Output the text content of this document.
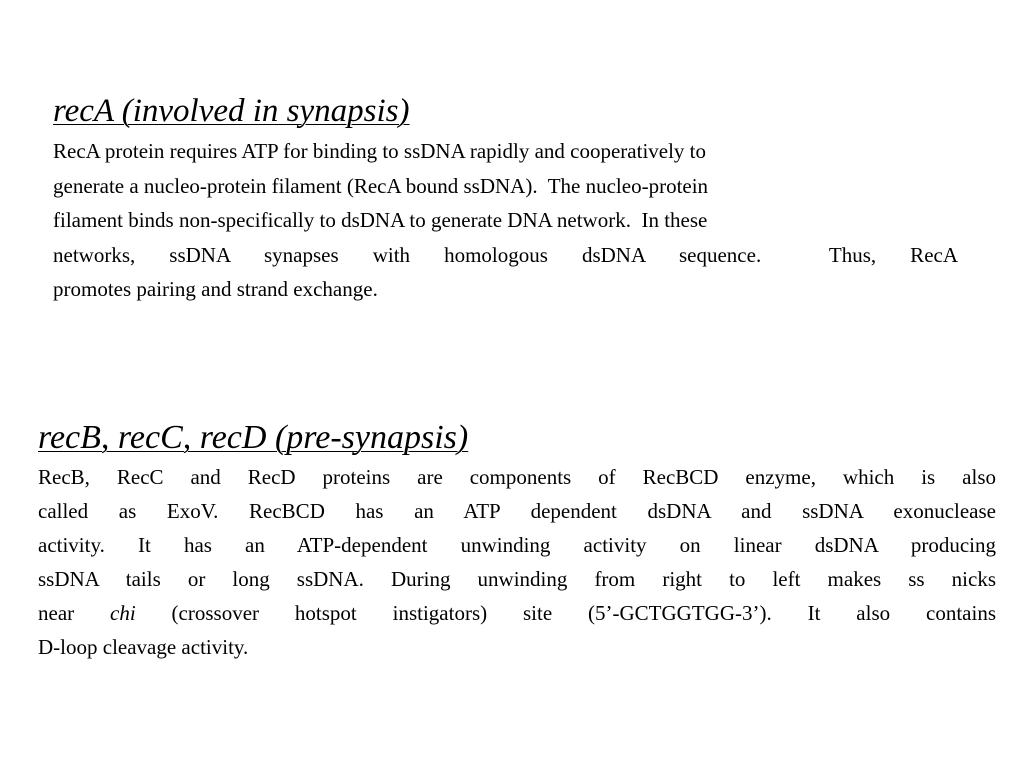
recA (involved in synapsis)

RecA protein requires ATP for binding to ssDNA rapidly and cooperatively to
generate a nucleo-protein filament (RecA bound ssDNA).  The nucleo-protein
filament binds non-specifically to dsDNA to generate DNA network.  In these
networks, ssDNA synapses with homologous dsDNA sequence.  Thus, RecA
promotes pairing and strand exchange.

recB, recC, recD (pre-synapsis)

RecB, RecC and RecD proteins are components of RecBCD enzyme, which is also
called as ExoV. RecBCD has an ATP dependent dsDNA and ssDNA exonuclease
activity. It has an ATP-dependent unwinding activity on linear dsDNA producing
ssDNA tails or long ssDNA. During unwinding from right to left makes ss nicks
near chi (crossover hotspot instigators) site (5’-GCTGGTGG-3’). It also contains
D-loop cleavage activity.
